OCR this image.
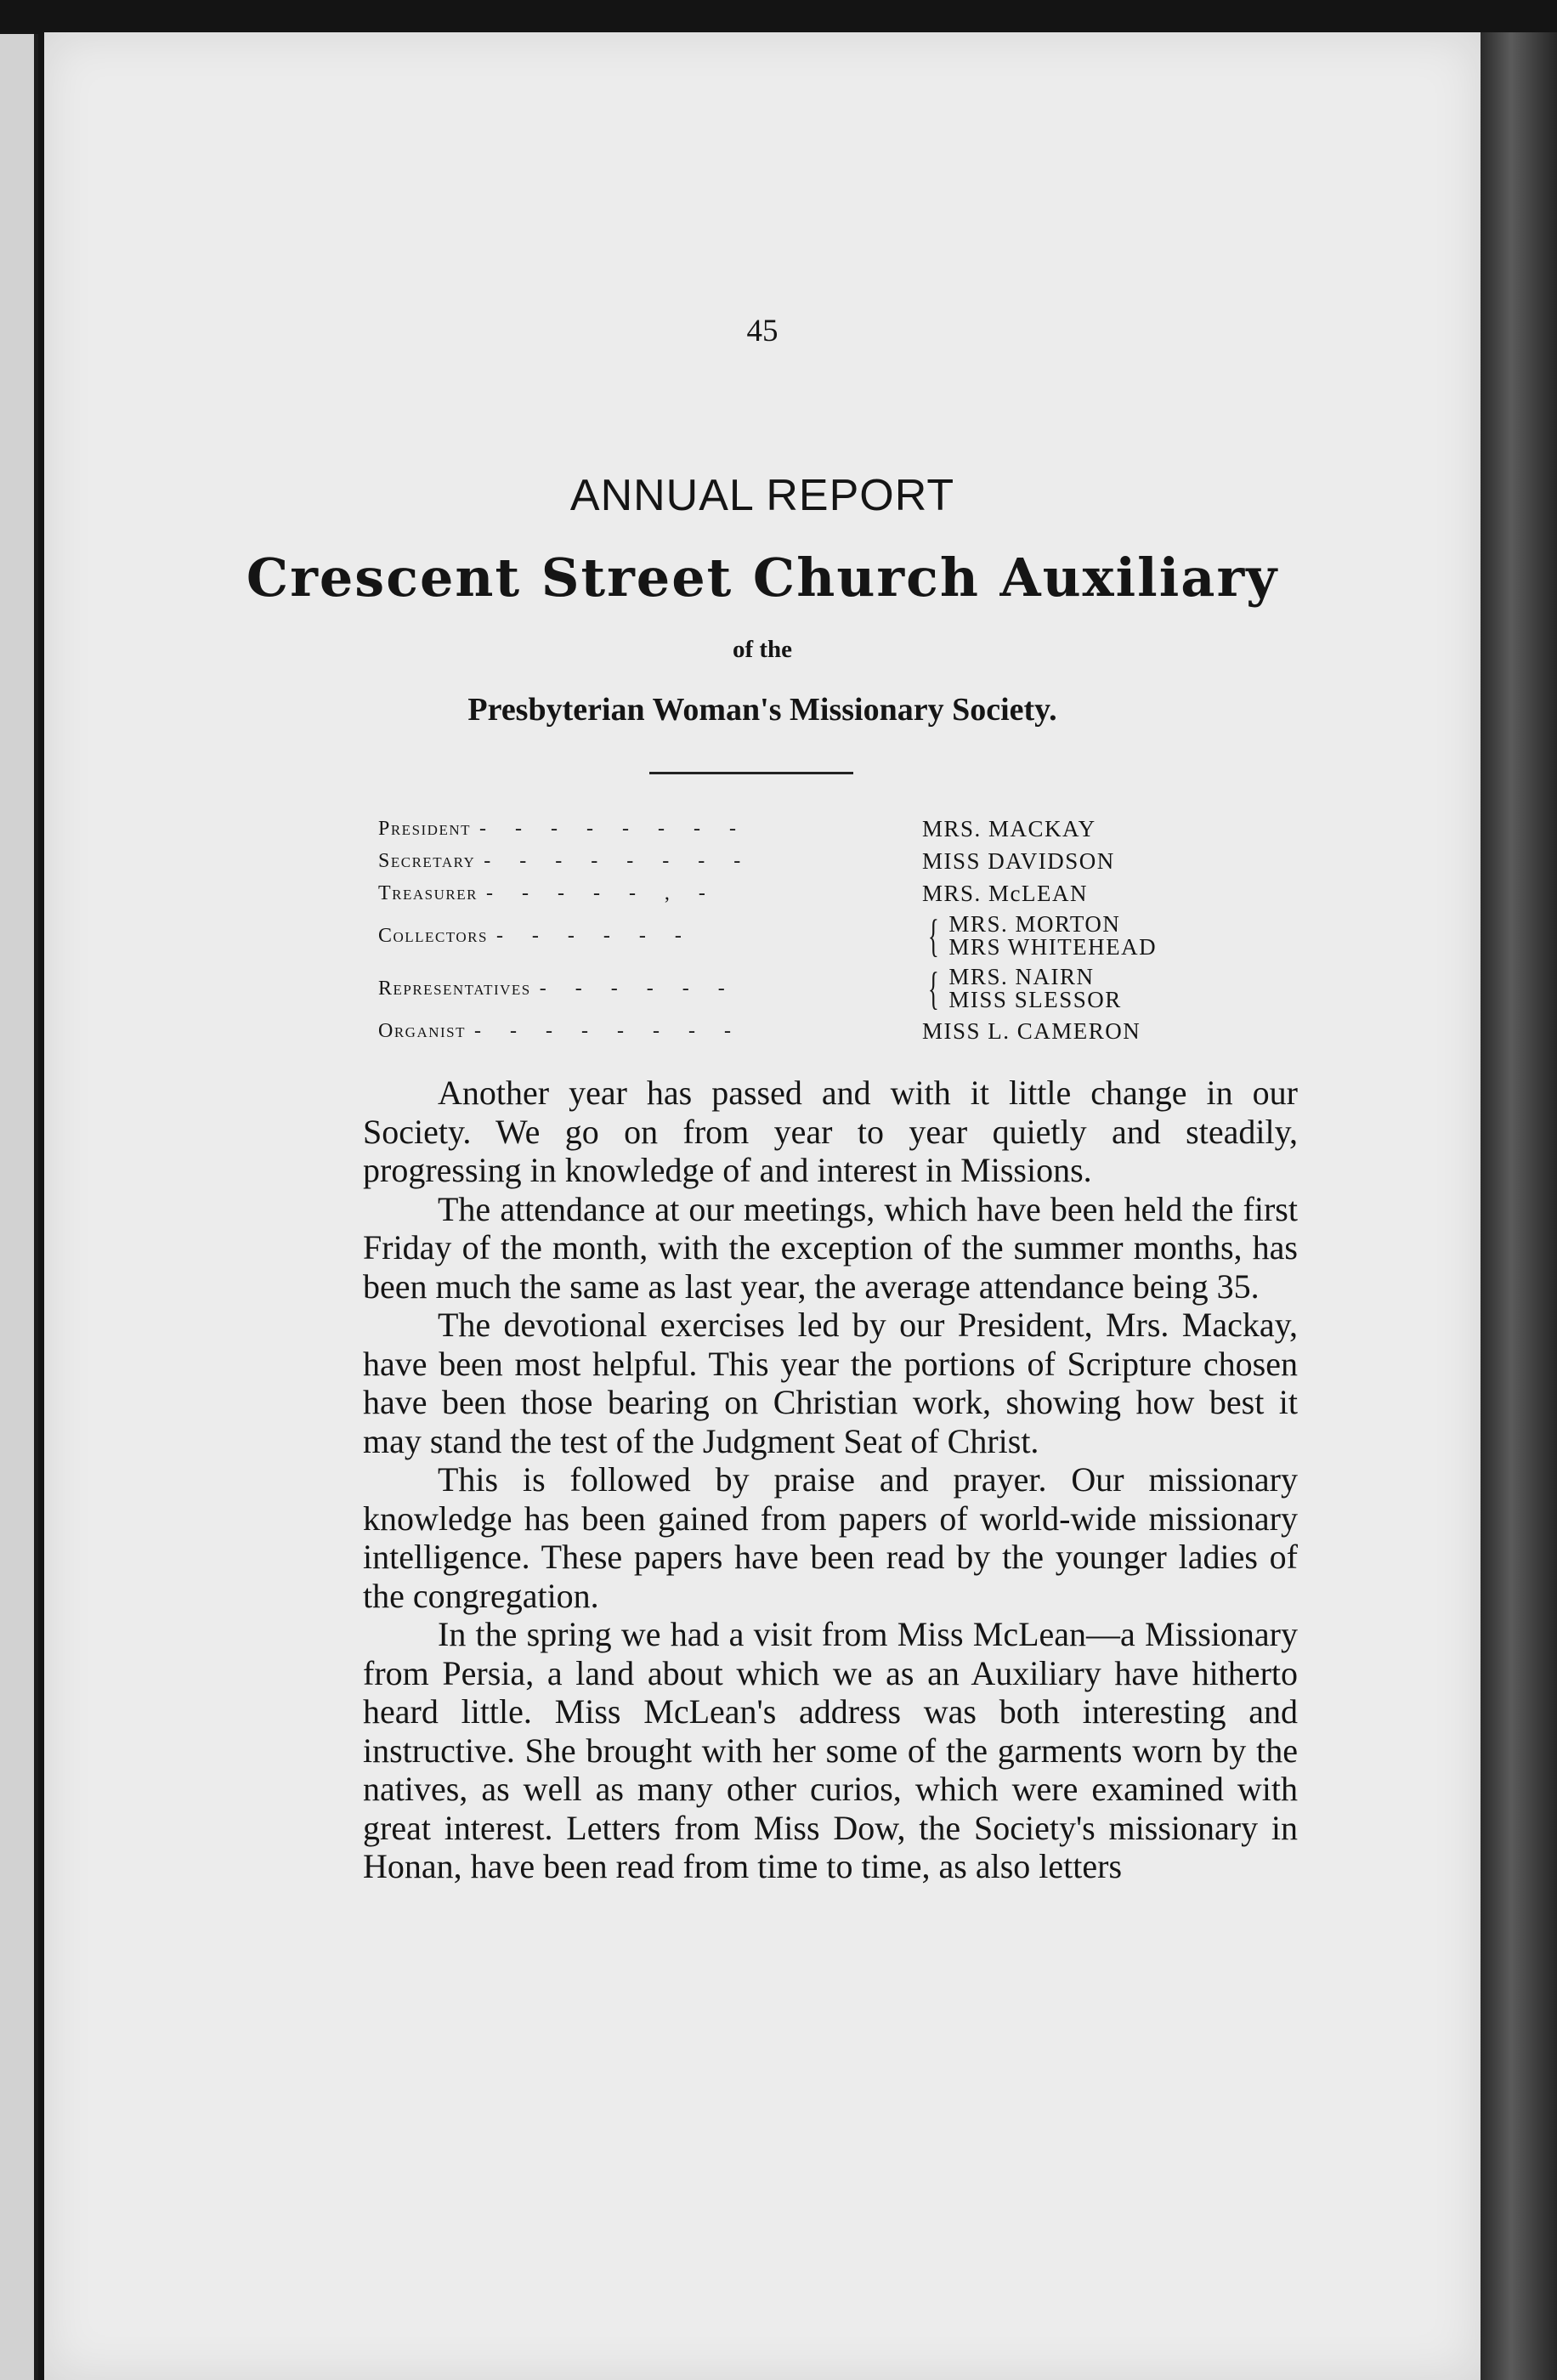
45
ANNUAL REPORT
Crescent Street Church Auxiliary
of the
Presbyterian Woman's Missionary Society.
President - - - - - - - -	MRS. MACKAY
Secretary - - - - - - - -	MISS DAVIDSON
Treasurer - - - - - , -	MRS. McLEAN
Collectors - - - - - -	{ MRS. MORTON
MRS WHITEHEAD
Representatives - - - - - -	{ MRS. NAIRN
MISS SLESSOR
Organist - - - - - - - -	MISS L. CAMERON

Another year has passed and with it little change in our Society. We go on from year to year quietly and steadily, progressing in knowledge of and interest in Missions.

The attendance at our meetings, which have been held the first Friday of the month, with the exception of the summer months, has been much the same as last year, the average attendance being 35.

The devotional exercises led by our President, Mrs. Mackay, have been most helpful. This year the portions of Scripture chosen have been those bearing on Christian work, showing how best it may stand the test of the Judgment Seat of Christ.

This is followed by praise and prayer. Our missionary knowledge has been gained from papers of world-wide missionary intelligence. These papers have been read by the younger ladies of the congregation.

In the spring we had a visit from Miss McLean—a Missionary from Persia, a land about which we as an Auxiliary have hitherto heard little. Miss McLean's address was both interesting and instructive. She brought with her some of the garments worn by the natives, as well as many other curios, which were examined with great interest. Letters from Miss Dow, the Society's missionary in Honan, have been read from time to time, as also letters
